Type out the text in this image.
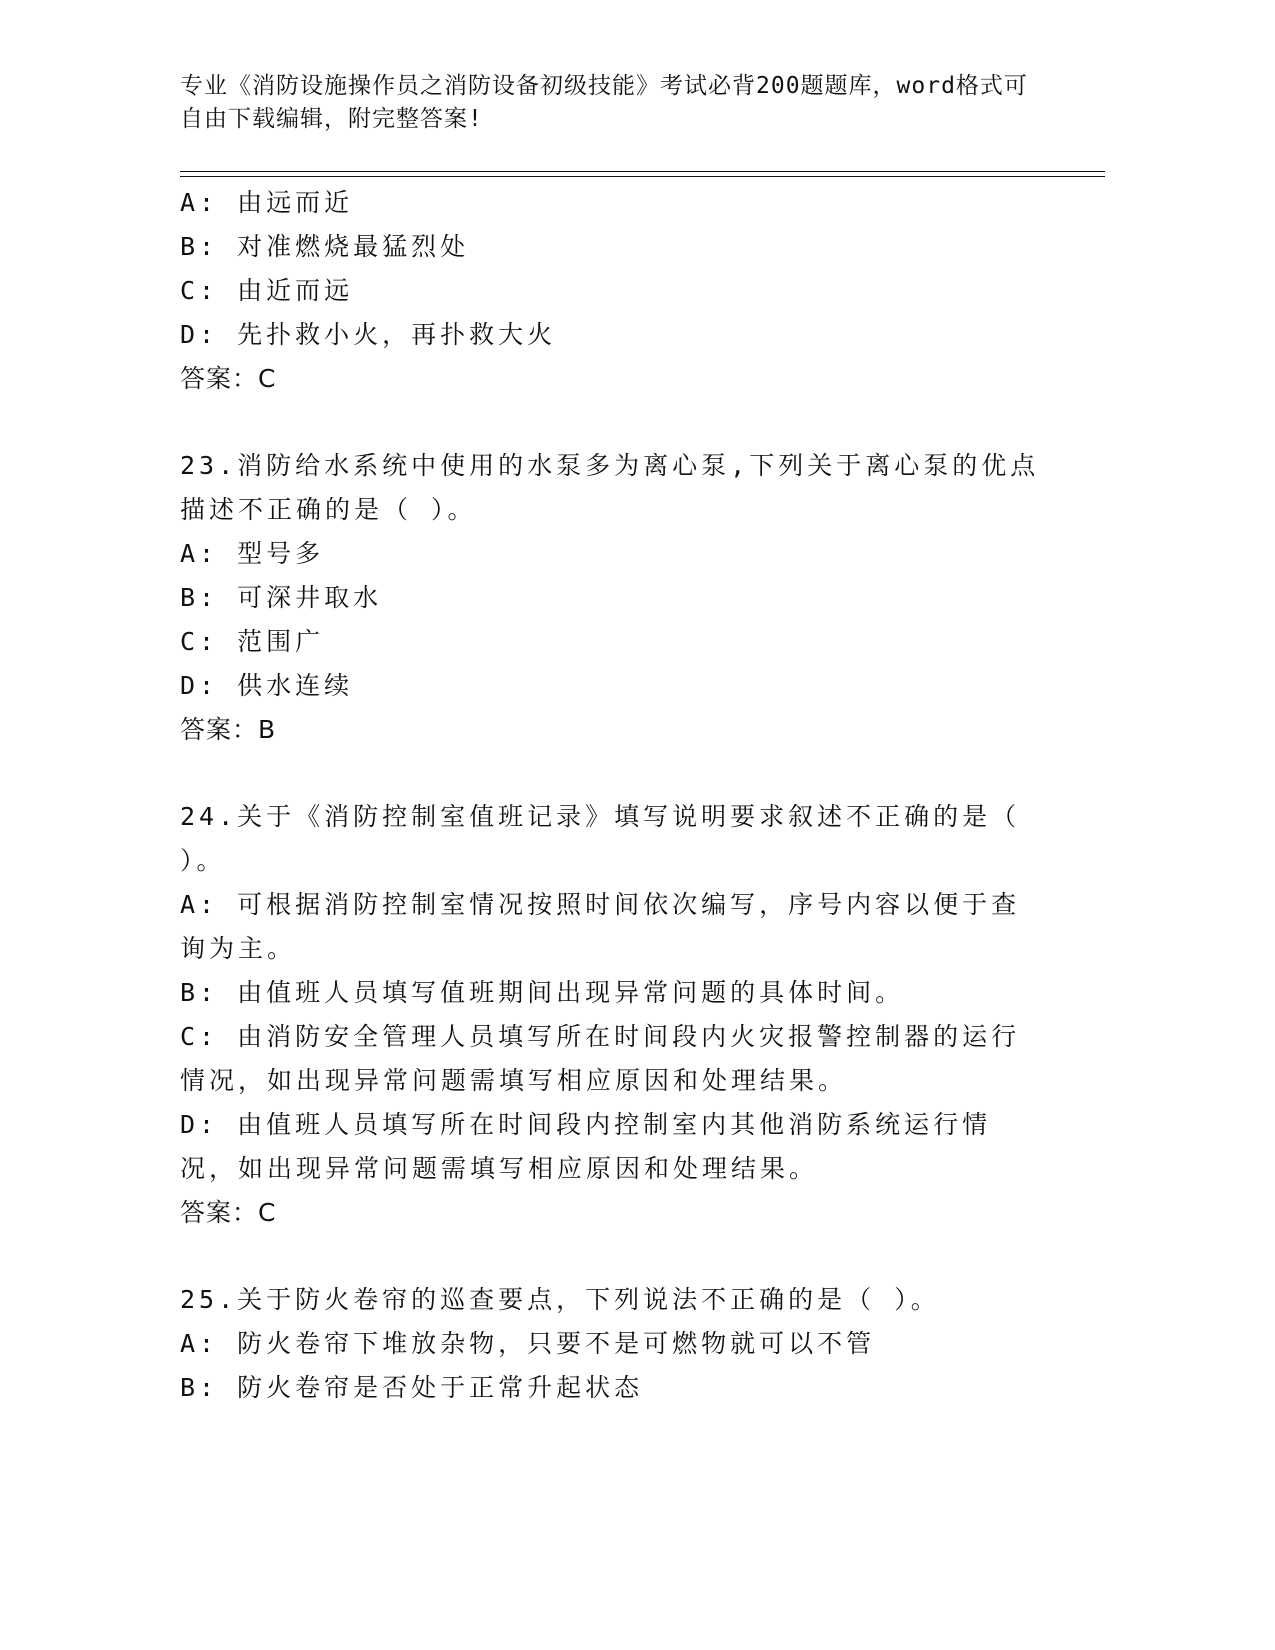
专业《消防设施操作员之消防设备初级技能》考试必背200题题库，word格式可自由下载编辑，附完整答案!

A: 由远而近

B: 对准燃烧最猛烈处

C: 由近而远

D: 先扑救小火，再扑救大火

答案：C

23.消防给水系统中使用的水泵多为离心泵,下列关于离心泵的优点描述不正确的是（ ）。

A: 型号多

B: 可深井取水

C: 范围广

D: 供水连续

答案：B

24.关于《消防控制室值班记录》填写说明要求叙述不正确的是（ ）。

A: 可根据消防控制室情况按照时间依次编写，序号内容以便于查询为主。

B: 由值班人员填写值班期间出现异常问题的具体时间。

C: 由消防安全管理人员填写所在时间段内火灾报警控制器的运行情况，如出现异常问题需填写相应原因和处理结果。

D: 由值班人员填写所在时间段内控制室内其他消防系统运行情况，如出现异常问题需填写相应原因和处理结果。

答案：C

25.关于防火卷帘的巡查要点，下列说法不正确的是（ ）。

A: 防火卷帘下堆放杂物，只要不是可燃物就可以不管

B: 防火卷帘是否处于正常升起状态
